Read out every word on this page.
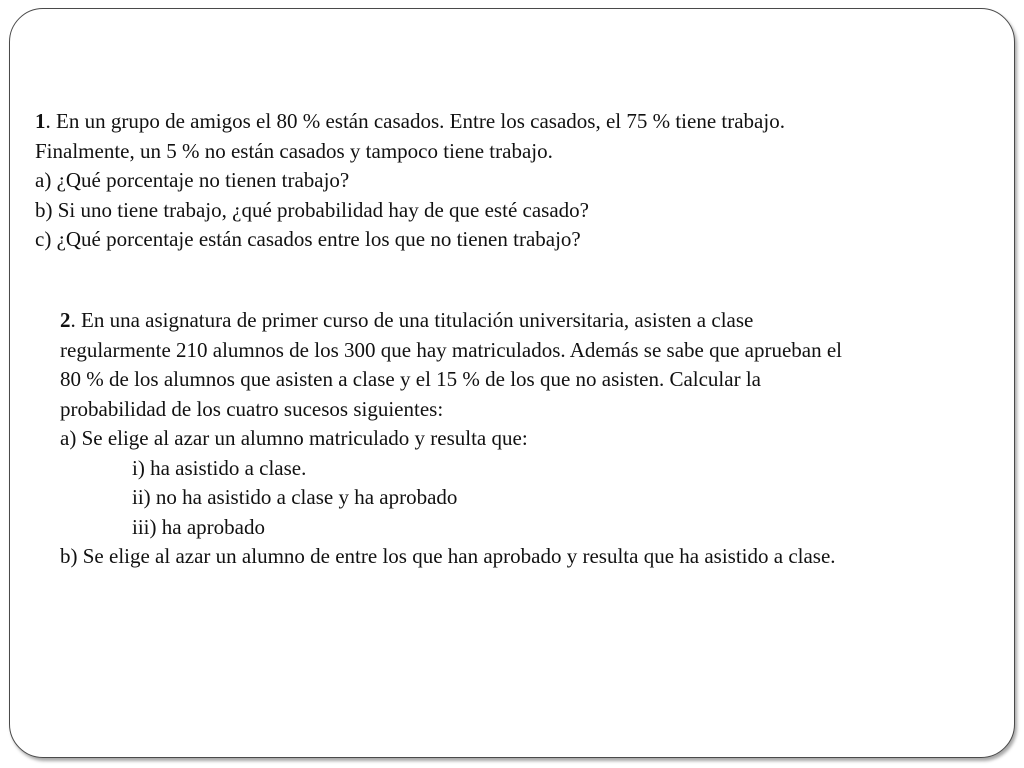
1. En un grupo de amigos el 80 % están casados. Entre los casados, el 75 % tiene trabajo.
Finalmente, un 5 % no están casados y tampoco tiene trabajo.
a) ¿Qué porcentaje no tienen trabajo?
b) Si uno tiene trabajo, ¿qué probabilidad hay de que esté casado?
c) ¿Qué porcentaje están casados entre los que no tienen trabajo?
2. En una asignatura de primer curso de una titulación universitaria, asisten a clase
regularmente 210 alumnos de los 300 que hay matriculados. Además se sabe que aprueban el
80 % de los alumnos que asisten a clase y el 15 % de los que no asisten. Calcular la
probabilidad de los cuatro sucesos siguientes:
a) Se elige al azar un alumno matriculado y resulta que:
i) ha asistido a clase.
ii) no ha asistido a clase y ha aprobado
iii) ha aprobado
b) Se elige al azar un alumno de entre los que han aprobado y resulta que ha asistido a clase.
